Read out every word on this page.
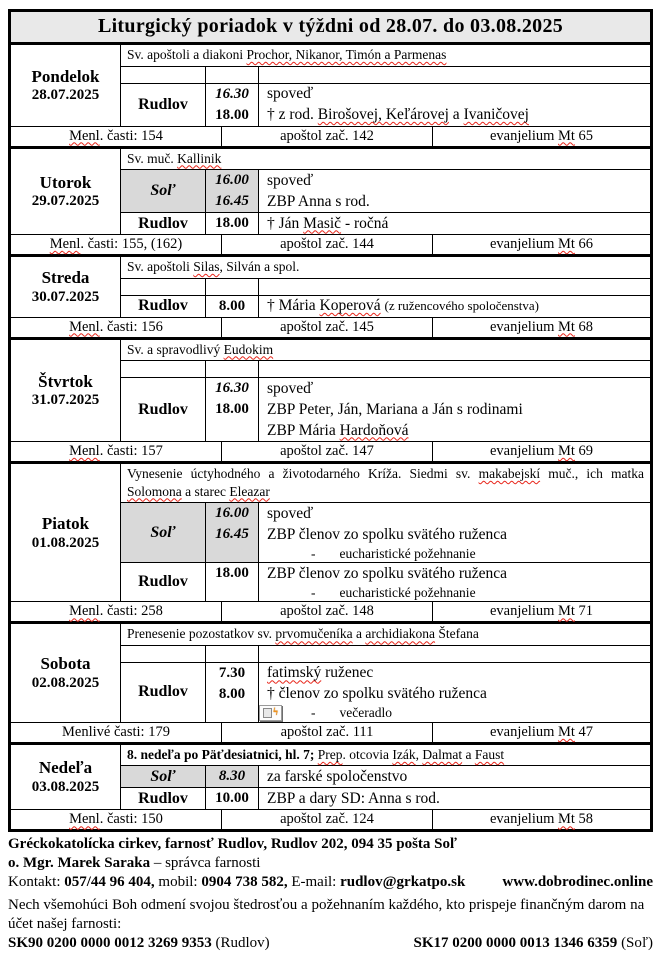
Liturgický poriadok v týždni od 28.07. do 03.08.2025
Pondelok
28.07.2025
Sv. apoštoli a diakoni Prochor, Nikanor, Timón a Parmenas
Rudlov
16.30	spoveď
18.00	† z rod. Birošovej, Keľárovej a Ivaničovej
Menl . časti: 154	apoštol zač. 142	evanjelium Mt 65
Utorok
29.07.2025
Sv. muč. Kallinik
Soľ
16.00	spoveď
16.45	ZBP Anna s rod.
Rudlov	18.00	† Ján Masič - ročná
Menl . časti: 155, (162)	apoštol zač. 144	evanjelium Mt 66
Streda
30.07.2025
Sv. apoštoli Silas, Silván a spol.
Rudlov	8.00	† Mária Koperová (z ružencového spoločenstva)
Menl . časti: 156	apoštol zač. 145	evanjelium Mt 68
Štvrtok
31.07.2025
Sv. a spravodlivý Eudokim
Rudlov
16.30	spoveď
18.00	ZBP Peter, Ján, Mariana a Ján s rodinami
ZBP Mária Hardoňová
Menl . časti: 157	apoštol zač. 147	evanjelium Mt 69
Piatok
01.08.2025
Vynesenie úctyhodného a životodarného Kríža. Siedmi sv. makabejskí muč., ich matka Solomona a starec Eleazar
Soľ
16.00	spoveď
16.45	ZBP členov zo spolku svätého ruženca
- eucharistické požehnanie
Rudlov	18.00	ZBP členov zo spolku svätého ruženca
- eucharistické požehnanie
Menl . časti: 258	apoštol zač. 148	evanjelium Mt 71
Sobota
02.08.2025
Prenesenie pozostatkov sv. prvomučeníka a archidiakona Štefana
Rudlov
7.30	fatimský ruženec
8.00	† členov zo spolku svätého ruženca
ϟ - večeradlo
Menlivé časti: 179	apoštol zač. 111	evanjelium Mt 47
Nedeľa
03.08.2025
8. nedeľa po Päťdesiatnici, hl. 7; Prep. otcovia Izák, Dalmat a Faust
Soľ	8.30	za farské spoločenstvo
Rudlov	10.00	ZBP a dary SD: Anna s rod.
Menl . časti: 150	apoštol zač. 124	evanjelium Mt 58
Gréckokatolícka cirkev, farnosť Rudlov, Rudlov 202, 094 35 pošta Soľ
o. Mgr. Marek Saraka – správca farnosti
Kontakt: 057/44 96 404, mobil: 0904 738 582, E-mail: rudlov@grkatpo.sk www.dobrodinec.online
Nech všemohúci Boh odmení svojou štedrosťou a požehnaním každého, kto prispeje finančným darom na účet našej farnosti:
SK90 0200 0000 0012 3269 9353 (Rudlov)	SK17 0200 0000 0013 1346 6359 (Soľ)
